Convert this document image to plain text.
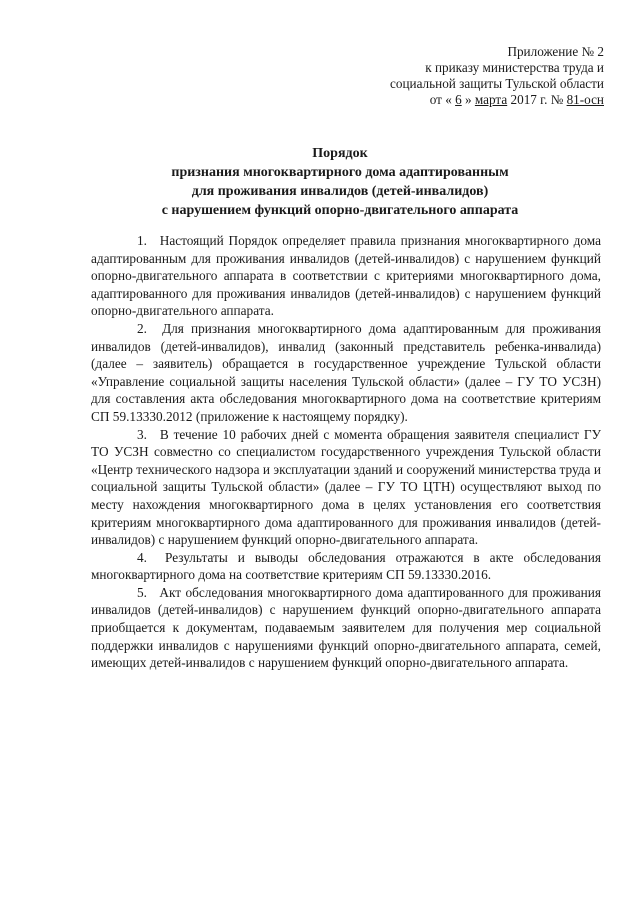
Приложение № 2
к приказу министерства труда и
социальной защиты Тульской области
от « 6 » марта 2017 г. № 81-осн
Порядок
признания многоквартирного дома адаптированным
для проживания инвалидов (детей-инвалидов)
с нарушением функций опорно-двигательного аппарата

1. Настоящий Порядок определяет правила признания многоквартирного дома адаптированным для проживания инвалидов (детей-инвалидов) с нарушением функций опорно-двигательного аппарата в соответствии с критериями многоквартирного дома, адаптированного для проживания инвалидов (детей-инвалидов) с нарушением функций опорно-двигательного аппарата.

2. Для признания многоквартирного дома адаптированным для проживания инвалидов (детей-инвалидов), инвалид (законный представитель ребенка-инвалида) (далее – заявитель) обращается в государственное учреждение Тульской области «Управление социальной защиты населения Тульской области» (далее – ГУ ТО УСЗН) для составления акта обследования многоквартирного дома на соответствие критериям СП 59.13330.2012 (приложение к настоящему порядку).

3. В течение 10 рабочих дней с момента обращения заявителя специалист ГУ ТО УСЗН совместно со специалистом государственного учреждения Тульской области «Центр технического надзора и эксплуатации зданий и сооружений министерства труда и социальной защиты Тульской области» (далее – ГУ ТО ЦТН) осуществляют выход по месту нахождения многоквартирного дома в целях установления его соответствия критериям многоквартирного дома адаптированного для проживания инвалидов (детей-инвалидов) с нарушением функций опорно-двигательного аппарата.

4. Результаты и выводы обследования отражаются в акте обследования многоквартирного дома на соответствие критериям СП 59.13330.2016.

5. Акт обследования многоквартирного дома адаптированного для проживания инвалидов (детей-инвалидов) с нарушением функций опорно-двигательного аппарата приобщается к документам, подаваемым заявителем для получения мер социальной поддержки инвалидов с нарушениями функций опорно-двигательного аппарата, семей, имеющих детей-инвалидов с нарушением функций опорно-двигательного аппарата.
